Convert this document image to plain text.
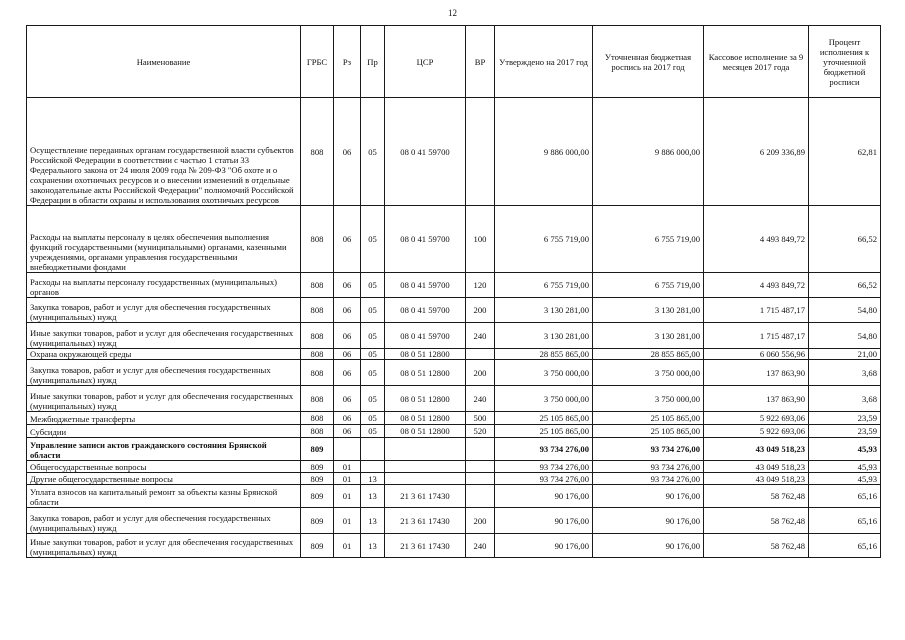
12
Наименование	ГРБС	Рз	Пр	ЦСР	ВР	Утверждено на 2017 год	Уточненная бюджетная роспись на 2017 год	Кассовое исполнение за 9 месяцев 2017 года	Процент исполнения к уточненной бюджетной росписи
Осуществление переданных органам государственной власти субъектов Российской Федерации в соответствии с частью 1 статьи 33 Федерального закона от 24 июля 2009 года № 209-ФЗ "Об охоте и о сохранении охотничьих ресурсов и о внесении изменений в отдельные законодательные акты Российской Федерации" полномочий Российской Федерации в области охраны и использования охотничьих ресурсов	808	06	05	08 0 41 59700		9 886 000,00	9 886 000,00	6 209 336,89	62,81
Расходы на выплаты персоналу в целях обеспечения выполнения функций государственными (муниципальными) органами, казенными учреждениями, органами управления государственными внебюджетными фондами	808	06	05	08 0 41 59700	100	6 755 719,00	6 755 719,00	4 493 849,72	66,52
Расходы на выплаты персоналу государственных (муниципальных) органов	808	06	05	08 0 41 59700	120	6 755 719,00	6 755 719,00	4 493 849,72	66,52
Закупка товаров, работ и услуг для обеспечения государственных (муниципальных) нужд	808	06	05	08 0 41 59700	200	3 130 281,00	3 130 281,00	1 715 487,17	54,80
Иные закупки товаров, работ и услуг для обеспечения государственных (муниципальных) нужд	808	06	05	08 0 41 59700	240	3 130 281,00	3 130 281,00	1 715 487,17	54,80
Охрана окружающей среды	808	06	05	08 0 51 12800		28 855 865,00	28 855 865,00	6 060 556,96	21,00
Закупка товаров, работ и услуг для обеспечения государственных (муниципальных) нужд	808	06	05	08 0 51 12800	200	3 750 000,00	3 750 000,00	137 863,90	3,68
Иные закупки товаров, работ и услуг для обеспечения государственных (муниципальных) нужд	808	06	05	08 0 51 12800	240	3 750 000,00	3 750 000,00	137 863,90	3,68
Межбюджетные трансферты	808	06	05	08 0 51 12800	500	25 105 865,00	25 105 865,00	5 922 693,06	23,59
Субсидии	808	06	05	08 0 51 12800	520	25 105 865,00	25 105 865,00	5 922 693,06	23,59
Управление записи актов гражданского состояния Брянской области	809					93 734 276,00	93 734 276,00	43 049 518,23	45,93
Общегосударственные вопросы	809	01				93 734 276,00	93 734 276,00	43 049 518,23	45,93
Другие общегосударственные вопросы	809	01	13			93 734 276,00	93 734 276,00	43 049 518,23	45,93
Уплата взносов на капитальный ремонт за объекты казны Брянской области	809	01	13	21 3 61 17430		90 176,00	90 176,00	58 762,48	65,16
Закупка товаров, работ и услуг для обеспечения государственных (муниципальных) нужд	809	01	13	21 3 61 17430	200	90 176,00	90 176,00	58 762,48	65,16
Иные закупки товаров, работ и услуг для обеспечения государственных (муниципальных) нужд	809	01	13	21 3 61 17430	240	90 176,00	90 176,00	58 762,48	65,16
